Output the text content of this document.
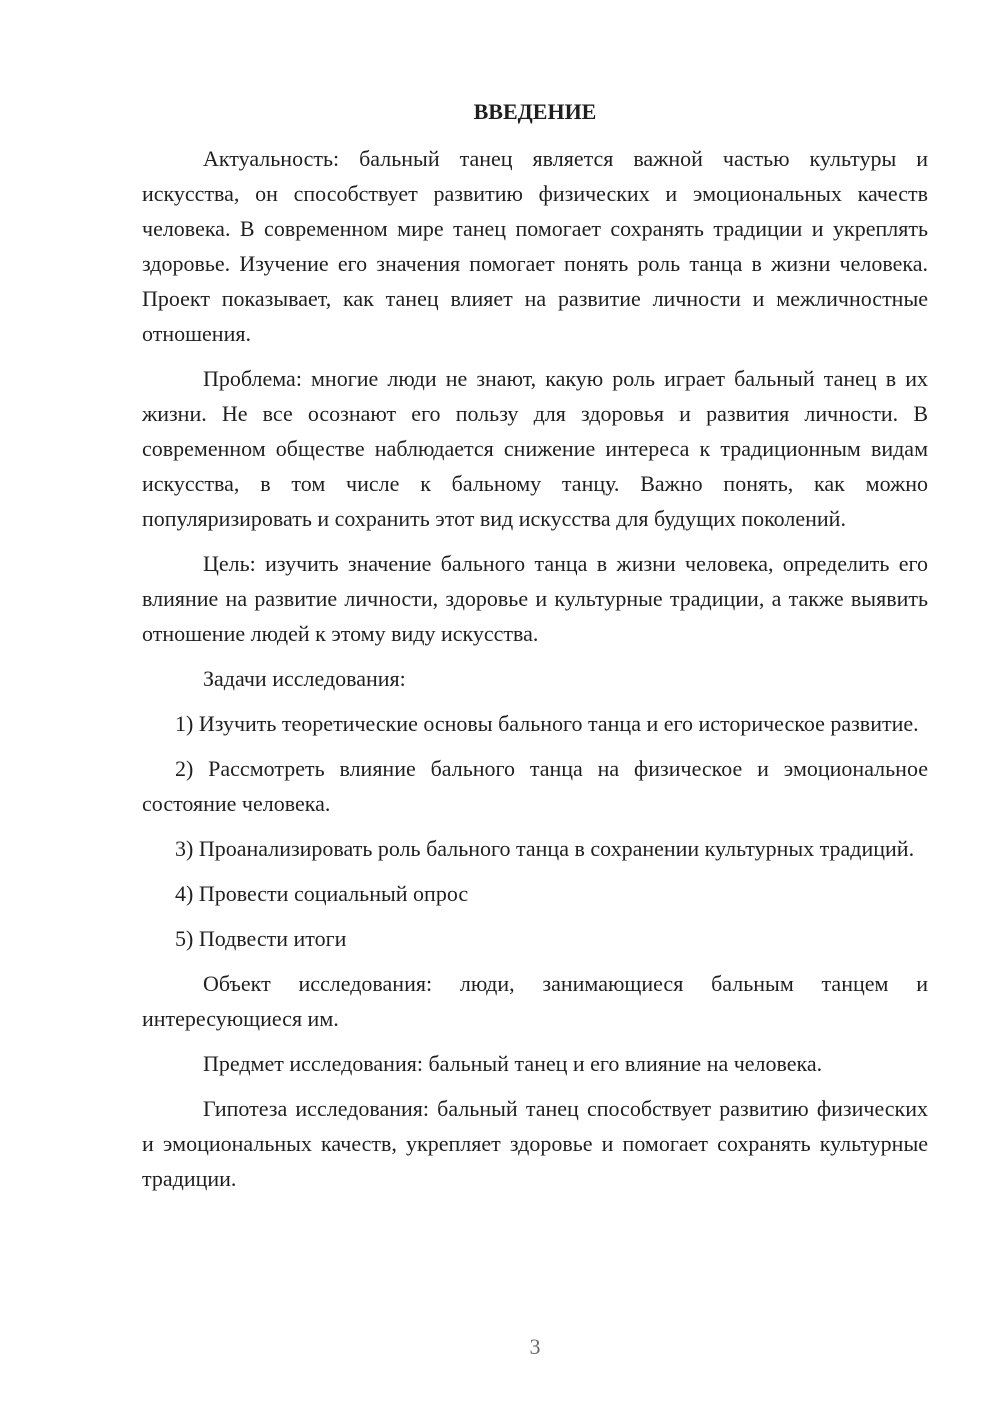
ВВЕДЕНИЕ

Актуальность: бальный танец является важной частью культуры и искусства, он способствует развитию физических и эмоциональных качеств человека. В современном мире танец помогает сохранять традиции и укреплять здоровье. Изучение его значения помогает понять роль танца в жизни человека. Проект показывает, как танец влияет на развитие личности и межличностные отношения.

Проблема: многие люди не знают, какую роль играет бальный танец в их жизни. Не все осознают его пользу для здоровья и развития личности. В современном обществе наблюдается снижение интереса к традиционным видам искусства, в том числе к бальному танцу. Важно понять, как можно популяризировать и сохранить этот вид искусства для будущих поколений.

Цель: изучить значение бального танца в жизни человека, определить его влияние на развитие личности, здоровье и культурные традиции, а также выявить отношение людей к этому виду искусства.

Задачи исследования:

1) Изучить теоретические основы бального танца и его историческое развитие.

2) Рассмотреть влияние бального танца на физическое и эмоциональное состояние человека.

3) Проанализировать роль бального танца в сохранении культурных традиций.

4) Провести социальный опрос

5) Подвести итоги

Объект исследования: люди, занимающиеся бальным танцем и интересующиеся им.

Предмет исследования: бальный танец и его влияние на человека.

Гипотеза исследования: бальный танец способствует развитию физических и эмоциональных качеств, укрепляет здоровье и помогает сохранять культурные традиции.

3
